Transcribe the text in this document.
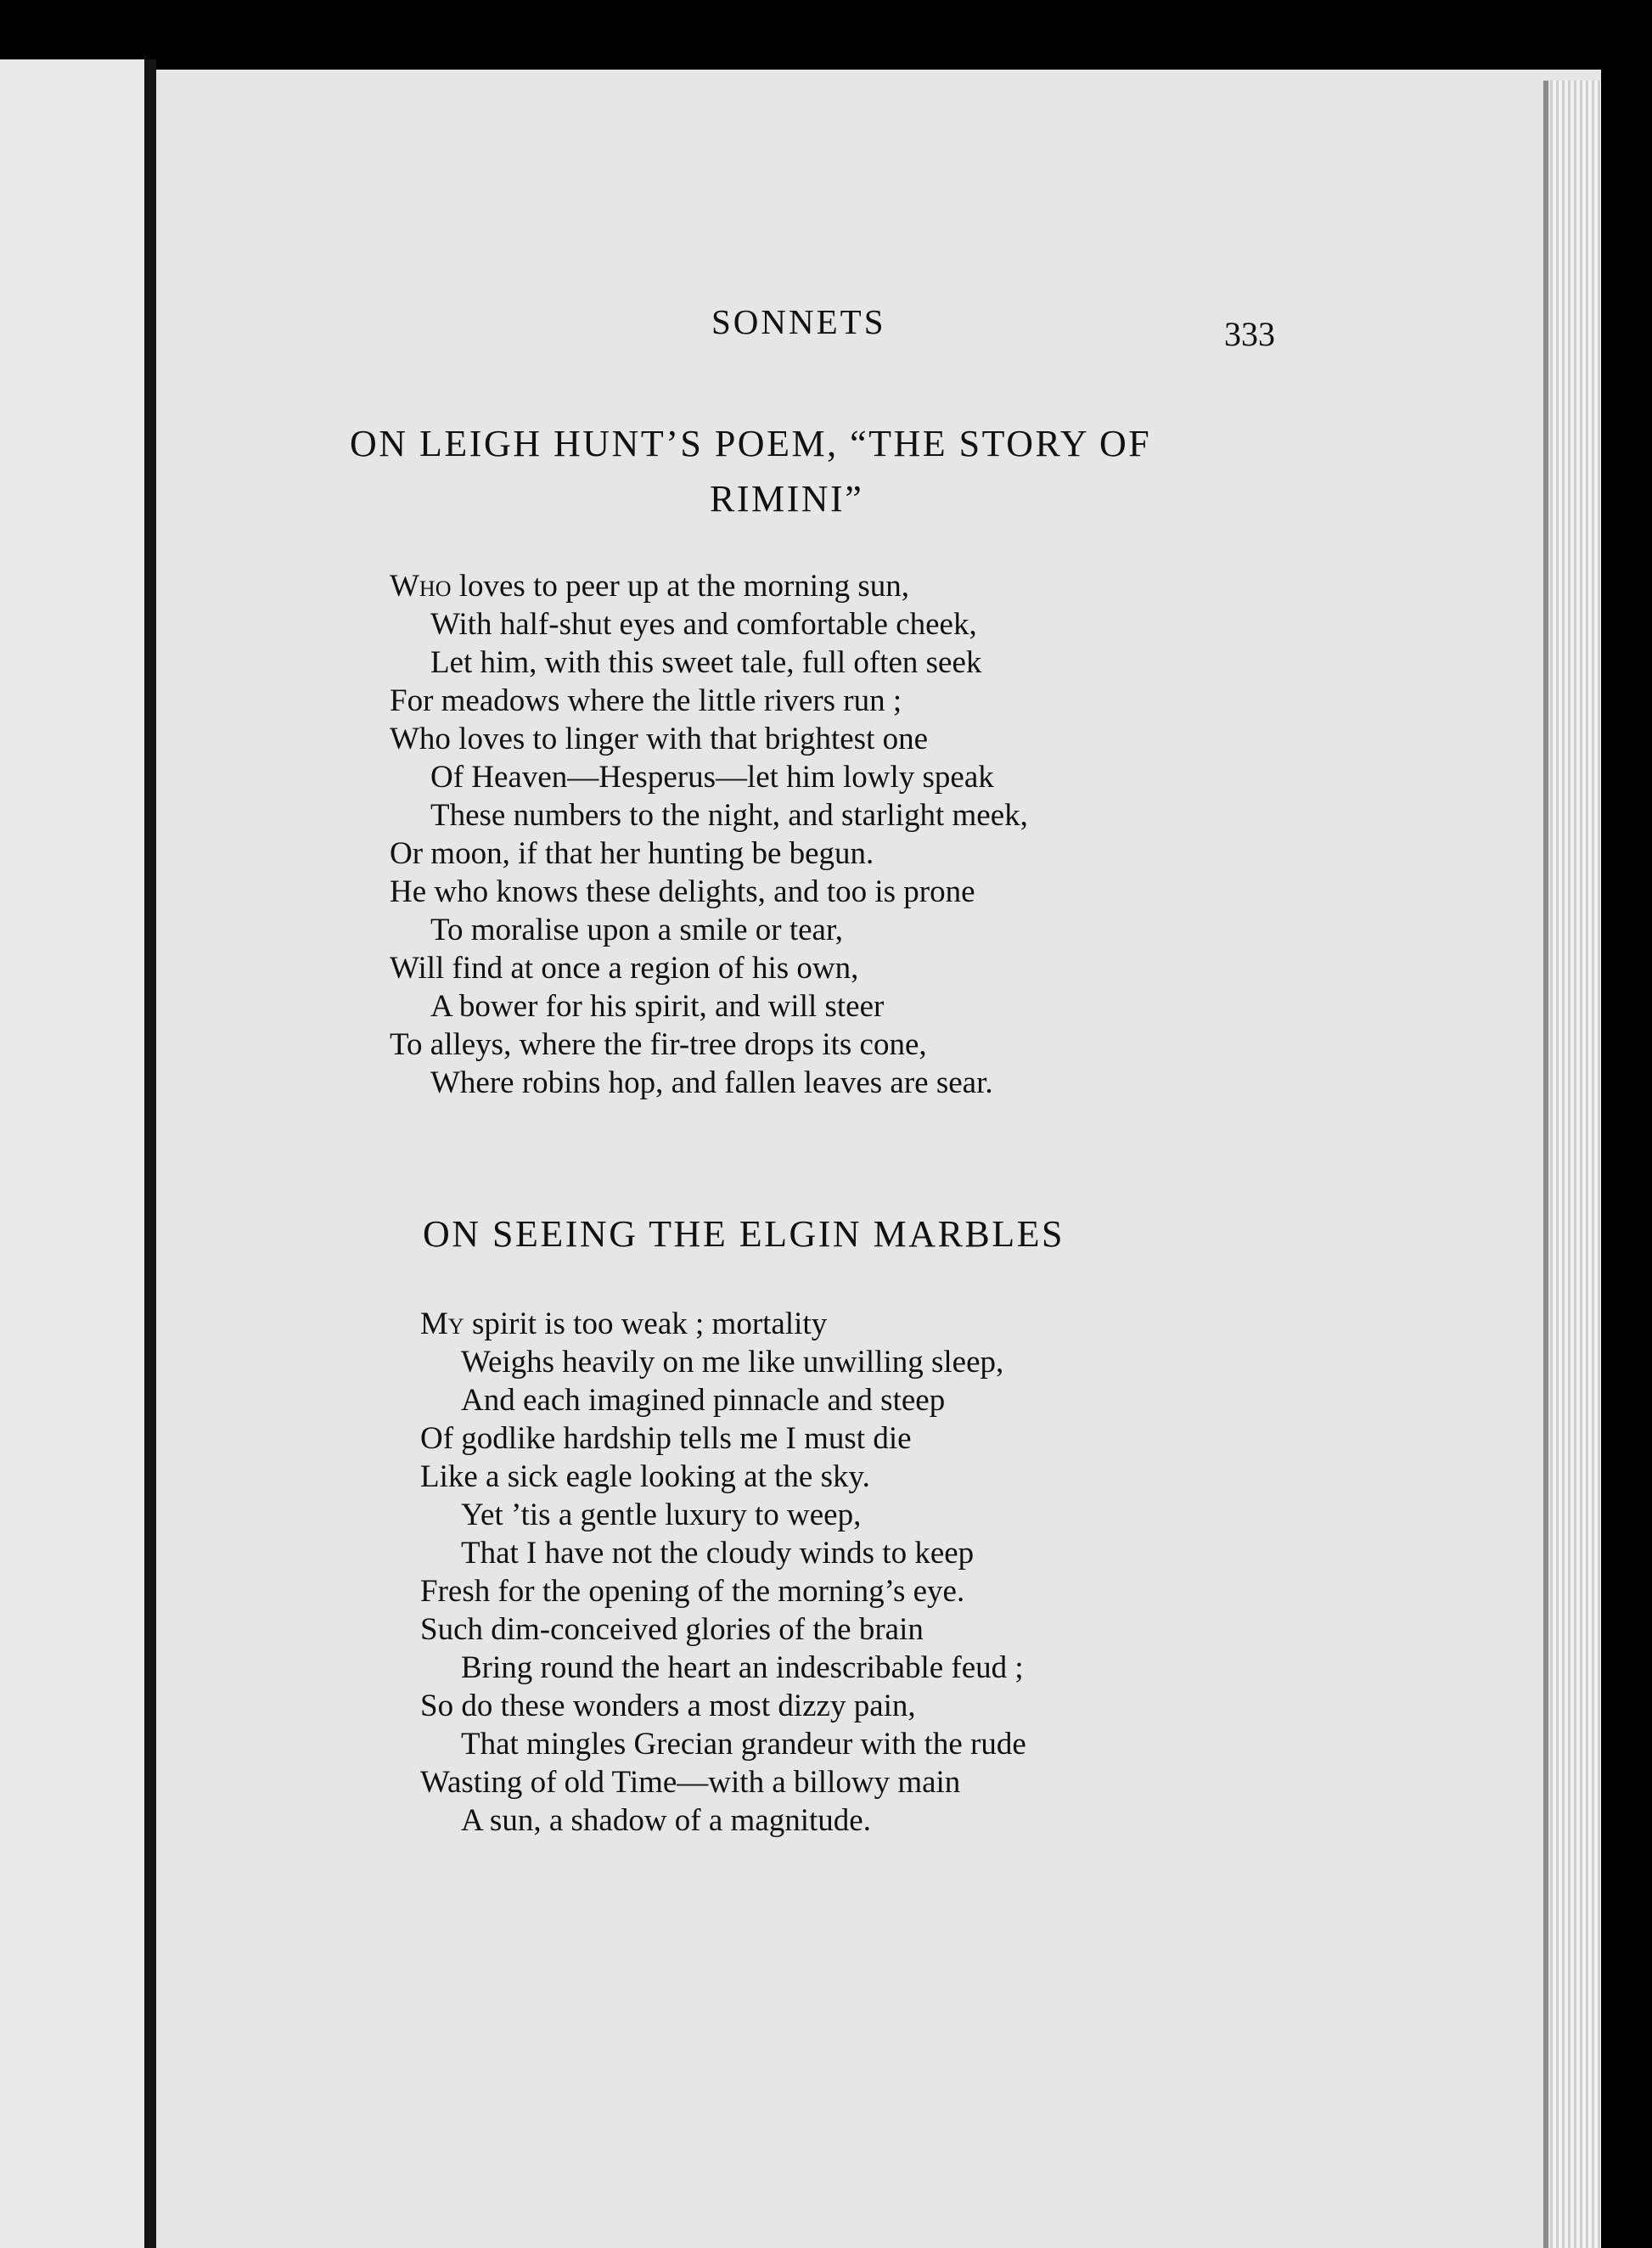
SONNETS	333
ON LEIGH HUNT’S POEM, “THE STORY OF
RIMINI”
Who loves to peer up at the morning sun,
With half-shut eyes and comfortable cheek,
Let him, with this sweet tale, full often seek
For meadows where the little rivers run ;
Who loves to linger with that brightest one
Of Heaven—Hesperus—let him lowly speak
These numbers to the night, and starlight meek,
Or moon, if that her hunting be begun.
He who knows these delights, and too is prone
To moralise upon a smile or tear,
Will find at once a region of his own,
A bower for his spirit, and will steer
To alleys, where the fir-tree drops its cone,
Where robins hop, and fallen leaves are sear.
ON SEEING THE ELGIN MARBLES
My spirit is too weak ; mortality
Weighs heavily on me like unwilling sleep,
And each imagined pinnacle and steep
Of godlike hardship tells me I must die
Like a sick eagle looking at the sky.
Yet ’tis a gentle luxury to weep,
That I have not the cloudy winds to keep
Fresh for the opening of the morning’s eye.
Such dim-conceived glories of the brain
Bring round the heart an indescribable feud ;
So do these wonders a most dizzy pain,
That mingles Grecian grandeur with the rude
Wasting of old Time—with a billowy main
A sun, a shadow of a magnitude.
